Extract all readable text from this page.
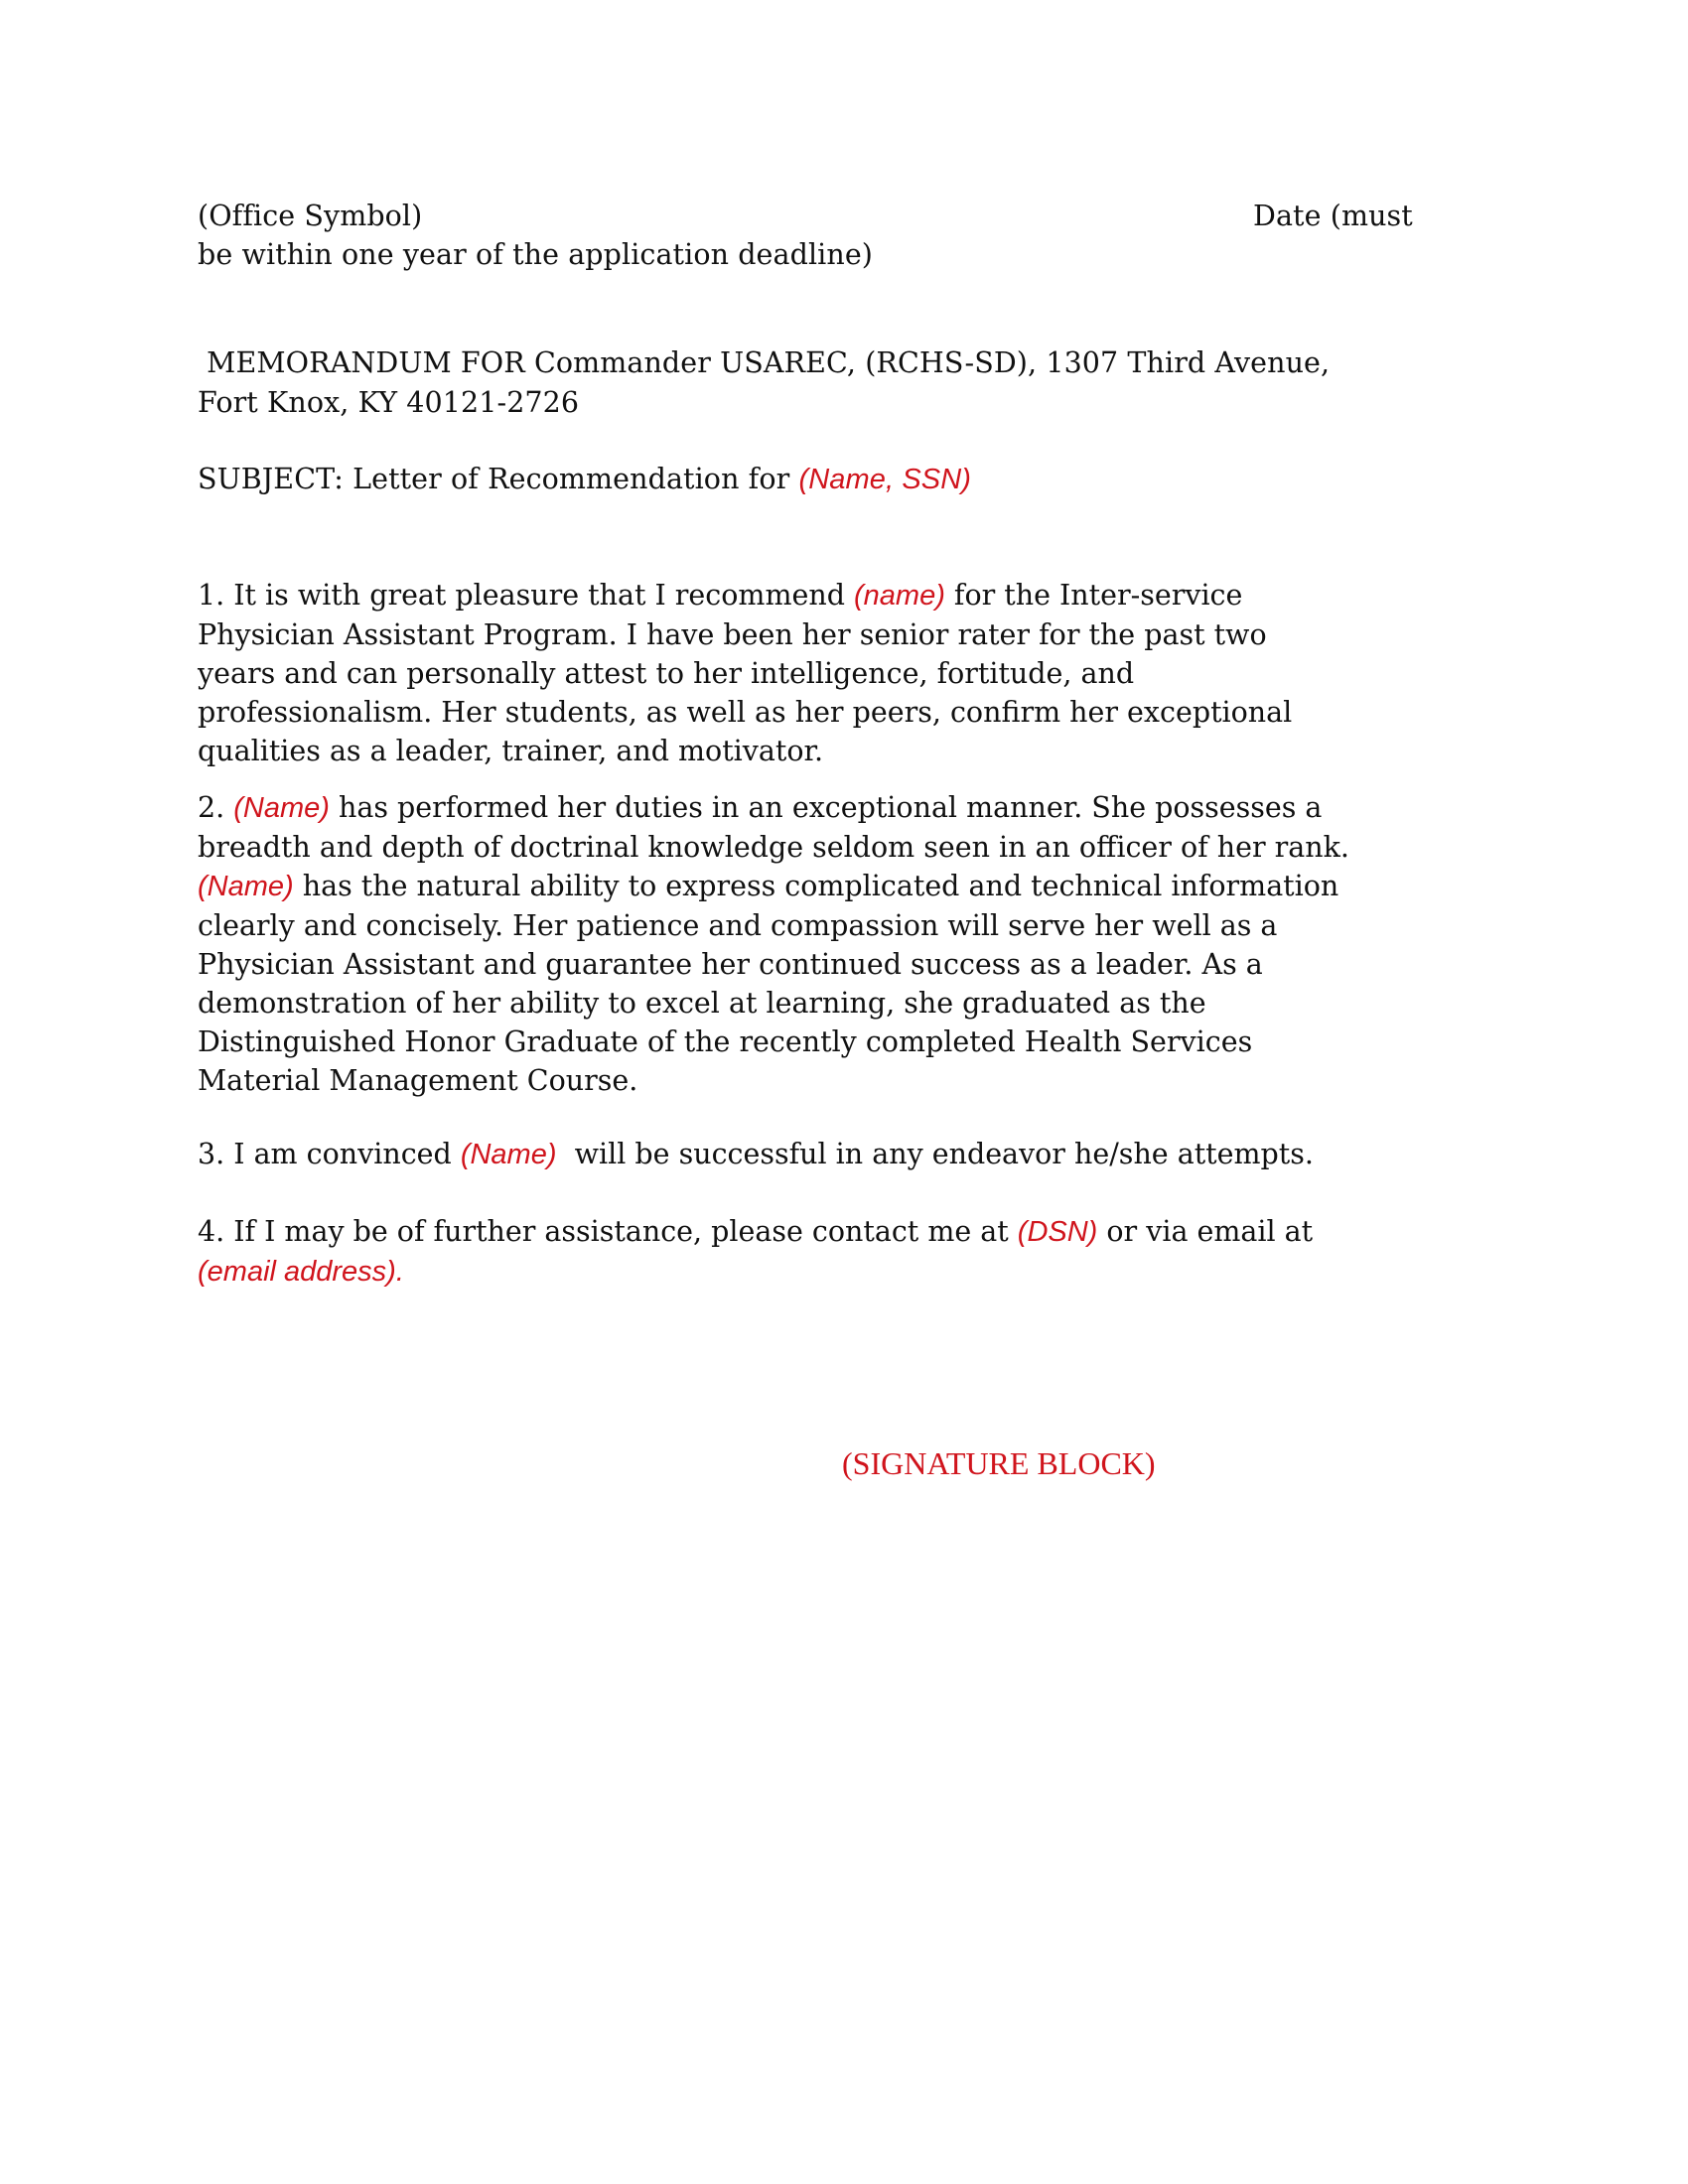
(Office Symbol)	Date (must
be within one year of the application deadline)
MEMORANDUM FOR Commander USAREC, (RCHS-SD), 1307 Third Avenue,
Fort Knox, KY 40121-2726
SUBJECT: Letter of Recommendation for (Name, SSN)
1. It is with great pleasure that I recommend (name) for the Inter-service
Physician Assistant Program. I have been her senior rater for the past two
years and can personally attest to her intelligence, fortitude, and
professionalism. Her students, as well as her peers, confirm her exceptional
qualities as a leader, trainer, and motivator.
2. (Name) has performed her duties in an exceptional manner. She possesses a
breadth and depth of doctrinal knowledge seldom seen in an officer of her rank.
(Name) has the natural ability to express complicated and technical information
clearly and concisely. Her patience and compassion will serve her well as a
Physician Assistant and guarantee her continued success as a leader. As a
demonstration of her ability to excel at learning, she graduated as the
Distinguished Honor Graduate of the recently completed Health Services
Material Management Course.
3. I am convinced (Name)  will be successful in any endeavor he/she attempts.
4. If I may be of further assistance, please contact me at (DSN) or via email at
(email address).
(SIGNATURE BLOCK)
